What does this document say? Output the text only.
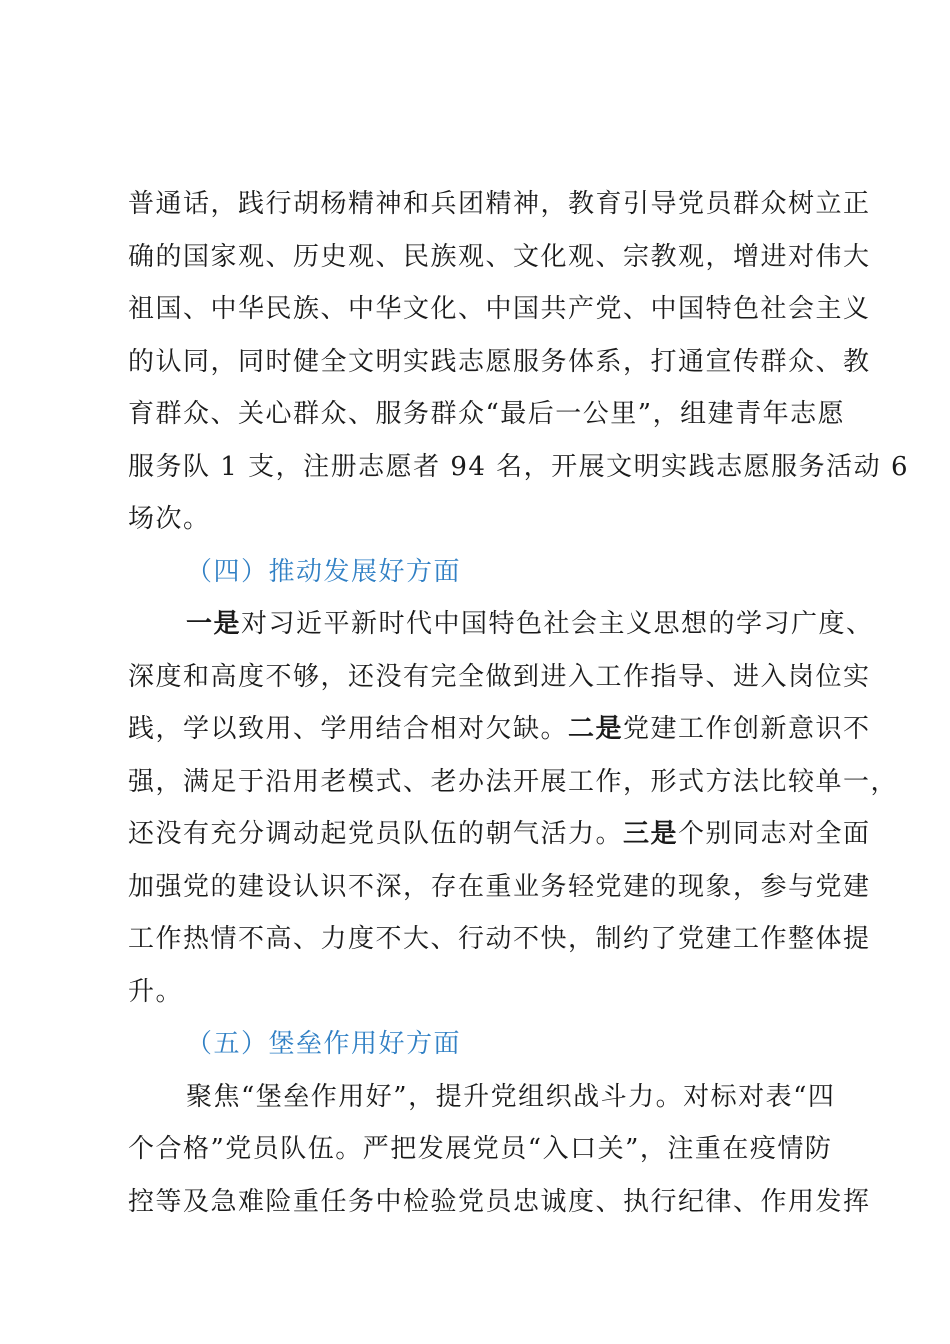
普通话，践行胡杨精神和兵团精神，教育引导党员群众树立正
确的国家观、历史观、民族观、文化观、宗教观，增进对伟大
祖国、中华民族、中华文化、中国共产党、中国特色社会主义
的认同，同时健全文明实践志愿服务体系，打通宣传群众、教
育群众、关心群众、服务群众“最后一公里”，组建青年志愿
服务队 1 支，注册志愿者 94 名，开展文明实践志愿服务活动 6
场次。
（四）推动发展好方面
一是对习近平新时代中国特色社会主义思想的学习广度、
深度和高度不够，还没有完全做到进入工作指导、进入岗位实
践，学以致用、学用结合相对欠缺。二是党建工作创新意识不
强，满足于沿用老模式、老办法开展工作，形式方法比较单一，
还没有充分调动起党员队伍的朝气活力。三是个别同志对全面
加强党的建设认识不深，存在重业务轻党建的现象，参与党建
工作热情不高、力度不大、行动不快，制约了党建工作整体提
升。
（五）堡垒作用好方面
聚焦“堡垒作用好”，提升党组织战斗力。对标对表“四
个合格”党员队伍。严把发展党员“入口关”，注重在疫情防
控等及急难险重任务中检验党员忠诚度、执行纪律、作用发挥
